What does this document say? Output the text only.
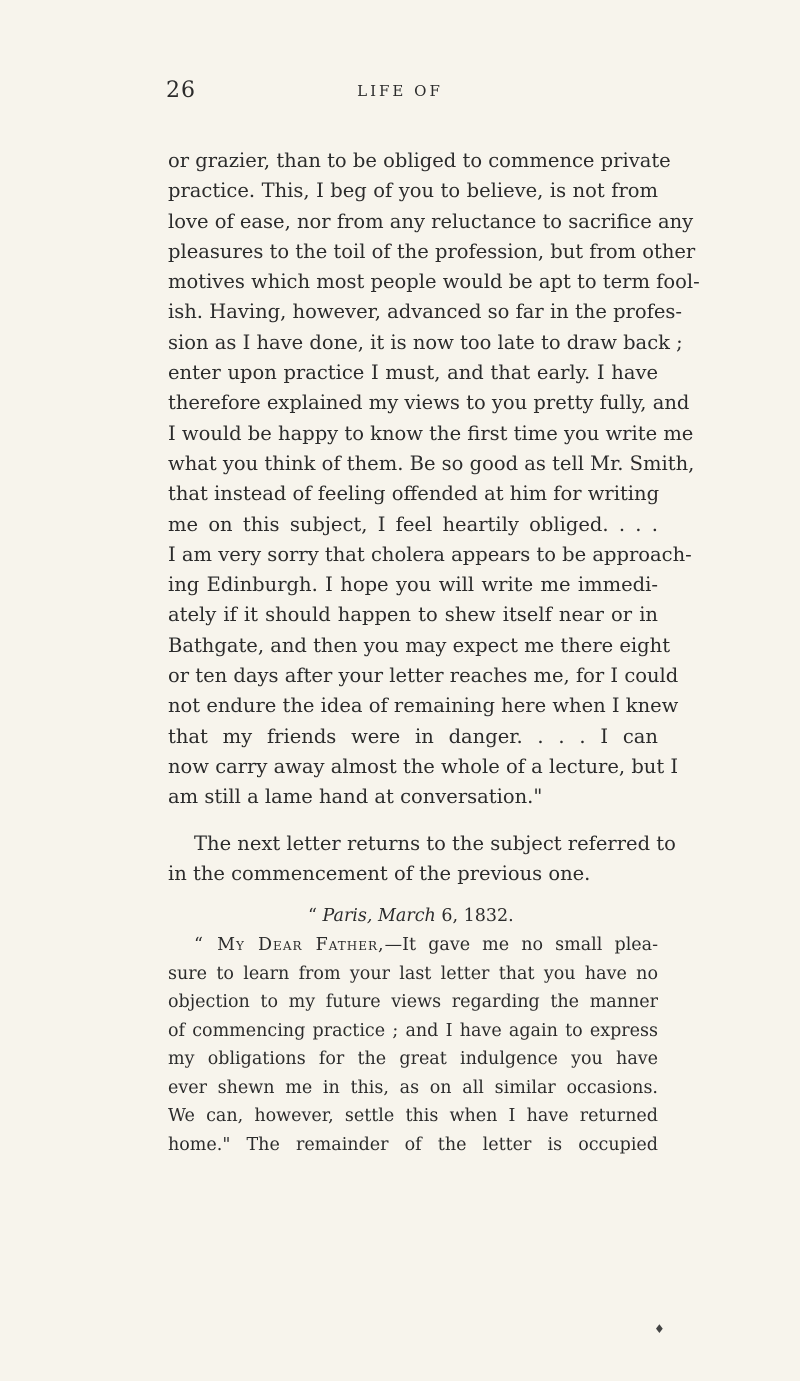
26	LIFE OF
or grazier, than to be obliged to commence private
practice. This, I beg of you to believe, is not from
love of ease, nor from any reluctance to sacrifice any
pleasures to the toil of the profession, but from other
motives which most people would be apt to term fool-
ish. Having, however, advanced so far in the profes-
sion as I have done, it is now too late to draw back ;
enter upon practice I must, and that early. I have
therefore explained my views to you pretty fully, and
I would be happy to know the first time you write me
what you think of them. Be so good as tell Mr. Smith,
that instead of feeling offended at him for writing
me on this subject, I feel heartily obliged. . . .
I am very sorry that cholera appears to be approach-
ing Edinburgh. I hope you will write me immedi-
ately if it should happen to shew itself near or in
Bathgate, and then you may expect me there eight
or ten days after your letter reaches me, for I could
not endure the idea of remaining here when I knew
that my friends were in danger. . . . I can
now carry away almost the whole of a lecture, but I
am still a lame hand at conversation."
The next letter returns to the subject referred to
in the commencement of the previous one.
“ Paris, March 6, 1832.
“ My Dear Father,—It gave me no small plea-
sure to learn from your last letter that you have no
objection to my future views regarding the manner
of commencing practice ; and I have again to express
my obligations for the great indulgence you have
ever shewn me in this, as on all similar occasions.
We can, however, settle this when I have returned
home." The remainder of the letter is occupied
♦
